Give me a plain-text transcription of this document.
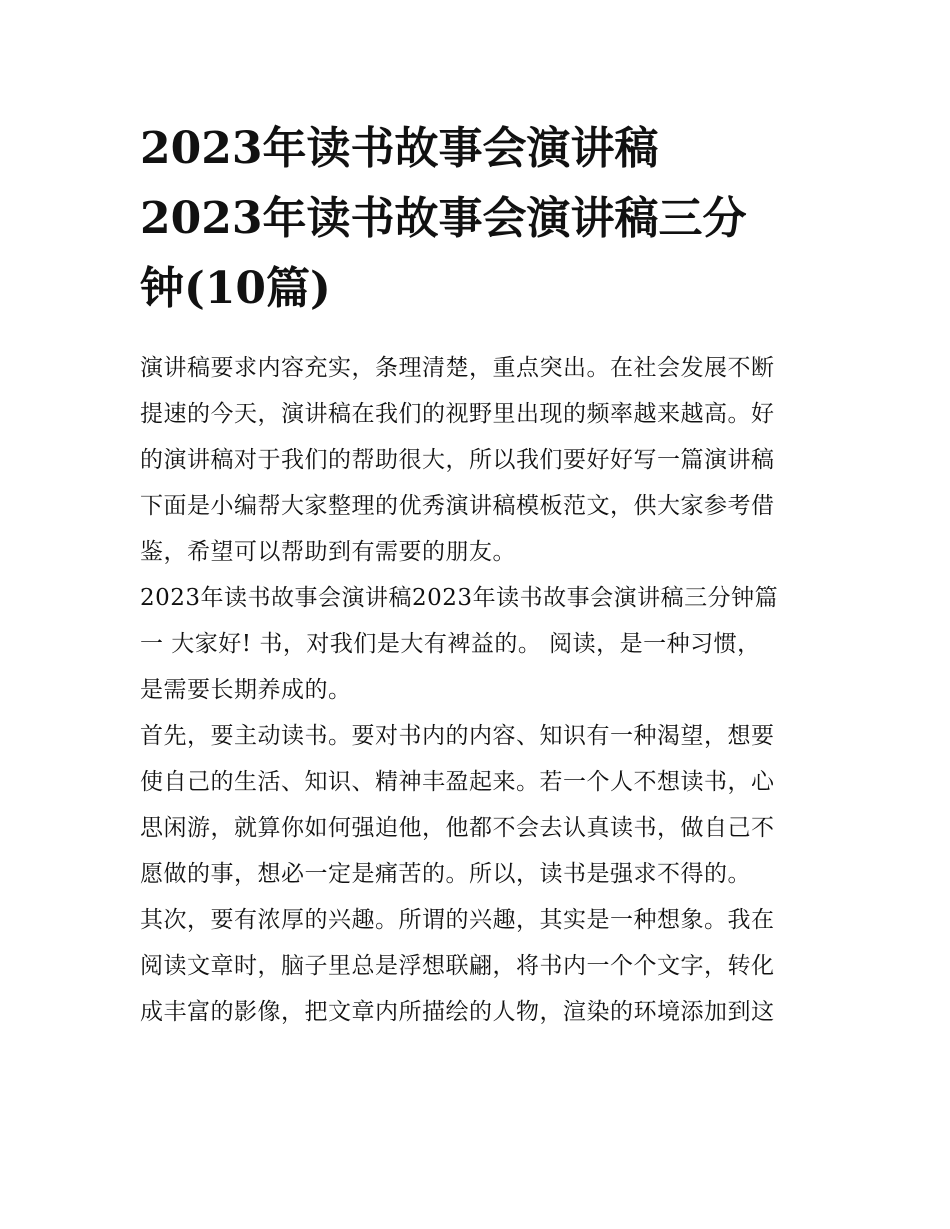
2023年读书故事会演讲稿
2023年读书故事会演讲稿三分
钟(10篇)
演讲稿要求内容充实，条理清楚，重点突出。在社会发展不断
提速的今天，演讲稿在我们的视野里出现的频率越来越高。好
的演讲稿对于我们的帮助很大，所以我们要好好写一篇演讲稿
下面是小编帮大家整理的优秀演讲稿模板范文，供大家参考借
鉴，希望可以帮助到有需要的朋友。
2023年读书故事会演讲稿2023年读书故事会演讲稿三分钟篇
一 大家好! 书，对我们是大有裨益的。 阅读，是一种习惯，
是需要长期养成的。
首先，要主动读书。要对书内的内容、知识有一种渴望，想要
使自己的生活、知识、精神丰盈起来。若一个人不想读书，心
思闲游，就算你如何强迫他，他都不会去认真读书，做自己不
愿做的事，想必一定是痛苦的。所以，读书是强求不得的。
其次，要有浓厚的兴趣。所谓的兴趣，其实是一种想象。我在
阅读文章时，脑子里总是浮想联翩，将书内一个个文字，转化
成丰富的影像，把文章内所描绘的人物，渲染的环境添加到这
